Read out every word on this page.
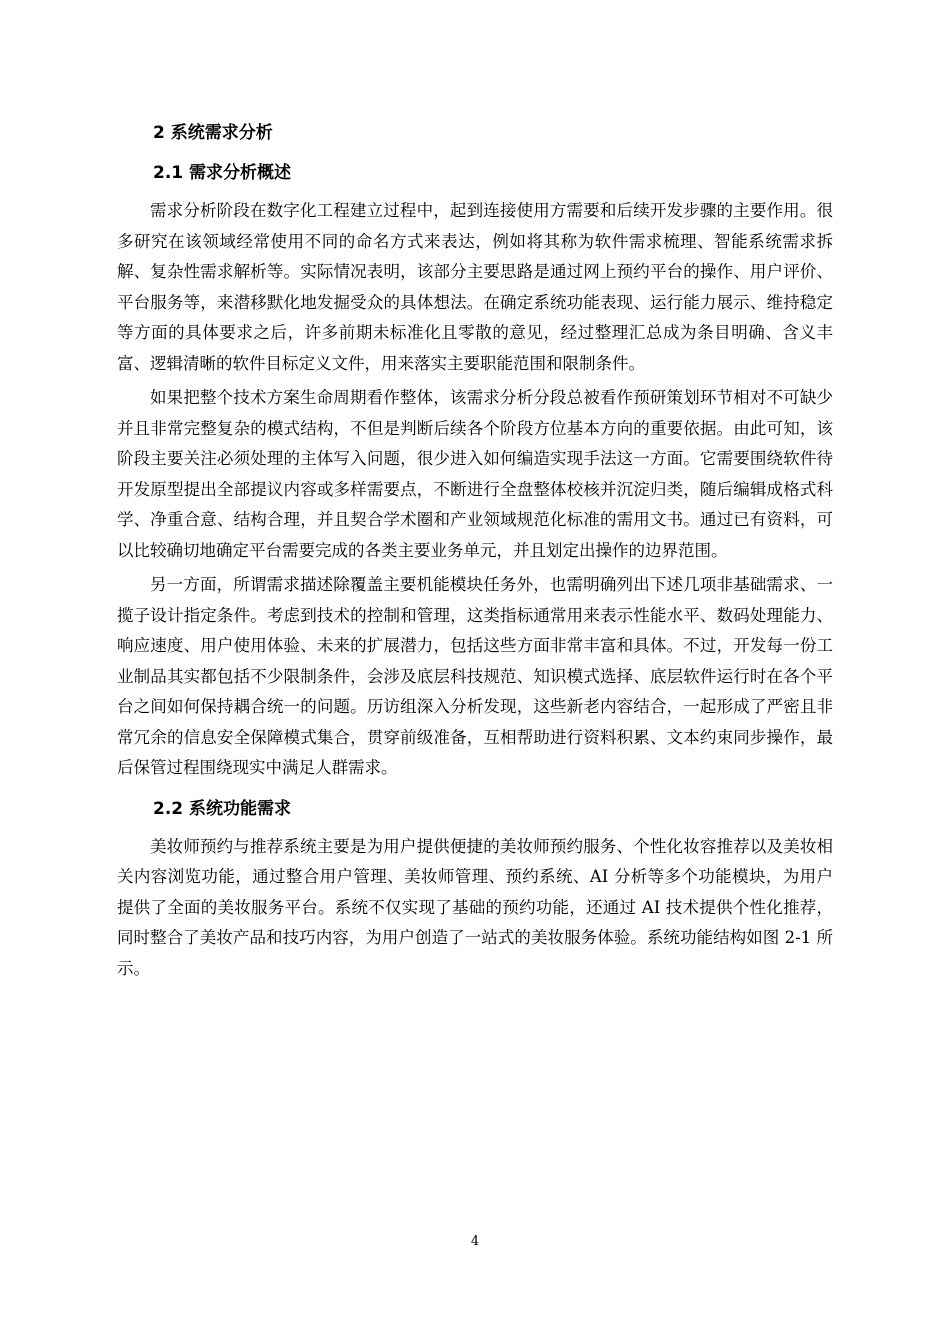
2 系统需求分析
2.1 需求分析概述

需求分析阶段在数字化工程建立过程中，起到连接使用方需要和后续开发步骤的主要作用。很多研究在该领域经常使用不同的命名方式来表达，例如将其称为软件需求梳理、智能系统需求拆解、复杂性需求解析等。实际情况表明，该部分主要思路是通过网上预约平台的操作、用户评价、平台服务等，来潜移默化地发掘受众的具体想法。在确定系统功能表现、运行能力展示、维持稳定等方面的具体要求之后，许多前期未标准化且零散的意见，经过整理汇总成为条目明确、含义丰富、逻辑清晰的软件目标定义文件，用来落实主要职能范围和限制条件。

如果把整个技术方案生命周期看作整体，该需求分析分段总被看作预研策划环节相对不可缺少并且非常完整复杂的模式结构，不但是判断后续各个阶段方位基本方向的重要依据。由此可知，该阶段主要关注必须处理的主体写入问题，很少进入如何编造实现手法这一方面。它需要围绕软件待开发原型提出全部提议内容或多样需要点，不断进行全盘整体校核并沉淀归类，随后编辑成格式科学、净重合意、结构合理，并且契合学术圈和产业领域规范化标准的需用文书。通过已有资料，可以比较确切地确定平台需要完成的各类主要业务单元，并且划定出操作的边界范围。

另一方面，所谓需求描述除覆盖主要机能模块任务外，也需明确列出下述几项非基础需求、一揽子设计指定条件。考虑到技术的控制和管理，这类指标通常用来表示性能水平、数码处理能力、响应速度、用户使用体验、未来的扩展潜力，包括这些方面非常丰富和具体。不过，开发每一份工业制品其实都包括不少限制条件，会涉及底层科技规范、知识模式选择、底层软件运行时在各个平台之间如何保持耦合统一的问题。历访组深入分析发现，这些新老内容结合，一起形成了严密且非常冗余的信息安全保障模式集合，贯穿前级准备，互相帮助进行资料积累、文本约束同步操作，最后保管过程围绕现实中满足人群需求。

2.2 系统功能需求

美妆师预约与推荐系统主要是为用户提供便捷的美妆师预约服务、个性化妆容推荐以及美妆相关内容浏览功能，通过整合用户管理、美妆师管理、预约系统、AI 分析等多个功能模块，为用户提供了全面的美妆服务平台。系统不仅实现了基础的预约功能，还通过 AI 技术提供个性化推荐，同时整合了美妆产品和技巧内容，为用户创造了一站式的美妆服务体验。系统功能结构如图 2-1 所示。

4
